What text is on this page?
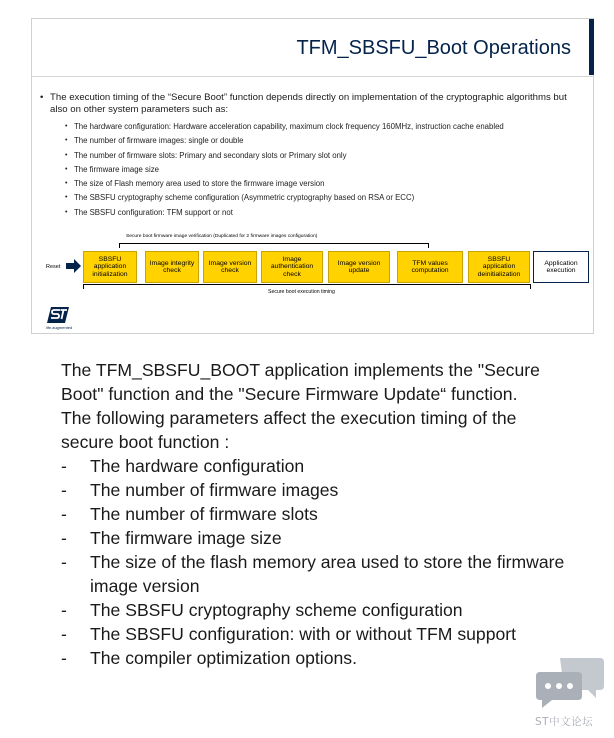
TFM_SBSFU_Boot Operations
• The execution timing of the “Secure Boot” function depends directly on implementation of the cryptographic algorithms but also on other system parameters such as:
• The hardware configuration: Hardware acceleration capability, maximum clock frequency 160MHz, instruction cache enabled
• The number of firmware images: single or double
• The number of firmware slots: Primary and secondary slots or Primary slot only
• The firmware image size
• The size of Flash memory area used to store the firmware image version
• The SBSFU cryptography scheme configuration (Asymmetric cryptography based on RSA or ECC)
• The SBSFU configuration: TFM support or not
Secure boot firmware image verification (Duplicated for 2 firmware images configuration)
Reset
SBSFU application initialization
Image integrity check
Image version check
Image authentication check
Image version update
TFM values computation
SBSFU application deinitialization
Application execution
Secure boot execution timing
life.augmented

The TFM_SBSFU_BOOT application implements the "Secure Boot" function and the "Secure Firmware Update“ function.

The following parameters affect the execution timing of the secure boot function :

- The hardware configuration
- The number of firmware images
- The number of firmware slots
- The firmware image size
- The size of the flash memory area used to store the firmware image version
- The SBSFU cryptography scheme configuration
- The SBSFU configuration: with or without TFM support
- The compiler optimization options.
ST中文论坛
